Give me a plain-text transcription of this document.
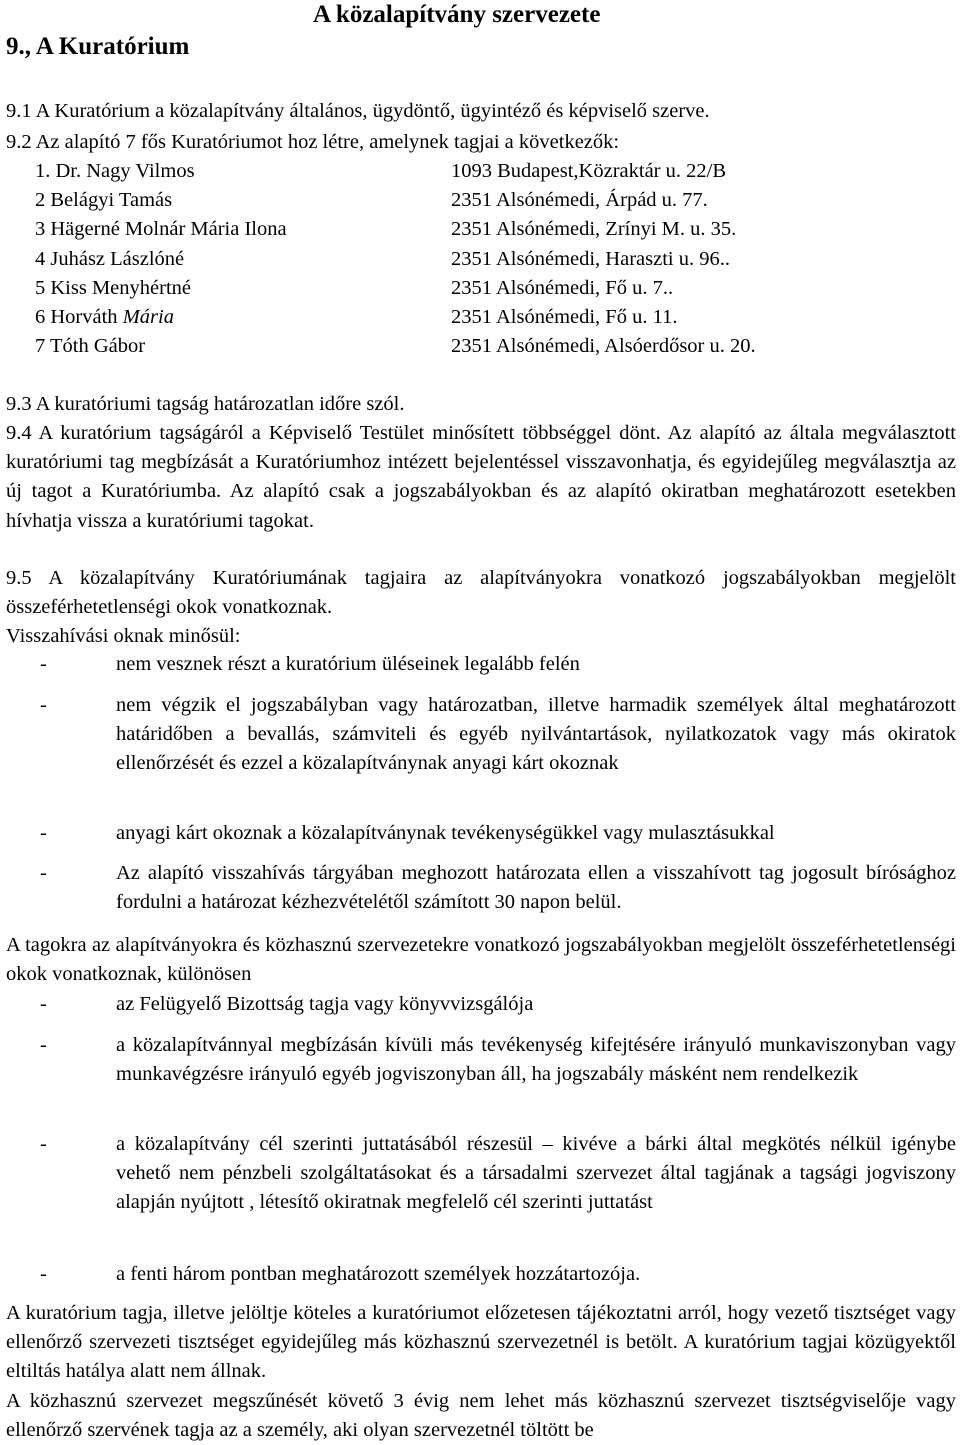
A közalapítvány szervezete
9., A Kuratórium
9.1 A Kuratórium a közalapítvány általános, ügydöntő, ügyintéző és képviselő szerve.
9.2 Az alapító 7 fős Kuratóriumot hoz létre, amelynek tagjai a következők:
1. Dr. Nagy Vilmos	1093 Budapest,Közraktár u. 22/B
2 Belágyi Tamás	2351 Alsónémedi, Árpád u. 77.
3 Hägerné Molnár Mária Ilona	2351 Alsónémedi, Zrínyi M. u. 35.
4 Juhász Lászlóné	2351 Alsónémedi, Haraszti u. 96..
5 Kiss Menyhértné	2351 Alsónémedi, Fő u. 7..
6 Horváth Mária	2351 Alsónémedi, Fő u. 11.
7 Tóth Gábor	2351 Alsónémedi, Alsóerdősor u. 20.
9.3 A kuratóriumi tagság határozatlan időre szól.
9.4 A kuratórium tagságáról a Képviselő Testület minősített többséggel dönt. Az alapító az általa megválasztott kuratóriumi tag megbízását a Kuratóriumhoz intézett bejelentéssel visszavonhatja, és egyidejűleg megválasztja az új tagot a Kuratóriumba. Az alapító csak a jogszabályokban és az alapító okiratban meghatározott esetekben hívhatja vissza a kuratóriumi tagokat.
9.5 A közalapítvány Kuratóriumának tagjaira az alapítványokra vonatkozó jogszabályokban megjelölt összeférhetetlenségi okok vonatkoznak.
Visszahívási oknak minősül:
-	nem vesznek részt a kuratórium üléseinek legalább felén
-	nem végzik el jogszabályban vagy határozatban, illetve harmadik személyek által meghatározott határidőben a bevallás, számviteli és egyéb nyilvántartások, nyilatkozatok vagy más okiratok ellenőrzését és ezzel a közalapítványnak anyagi kárt okoznak
-	anyagi kárt okoznak a közalapítványnak tevékenységükkel vagy mulasztásukkal
-	Az alapító visszahívás tárgyában meghozott határozata ellen a visszahívott tag jogosult bírósághoz fordulni a határozat kézhezvételétől számított 30 napon belül.
A tagokra az alapítványokra és közhasznú szervezetekre vonatkozó jogszabályokban megjelölt összeférhetetlenségi okok vonatkoznak, különösen
-	az Felügyelő Bizottság tagja vagy könyvvizsgálója
-	a közalapítvánnyal megbízásán kívüli más tevékenység kifejtésére irányuló munkaviszonyban vagy munkavégzésre irányuló egyéb jogviszonyban áll, ha jogszabály másként nem rendelkezik
-	a közalapítvány cél szerinti juttatásából részesül – kivéve a bárki által megkötés nélkül igénybe vehető nem pénzbeli szolgáltatásokat és a társadalmi szervezet által tagjának a tagsági jogviszony alapján nyújtott , létesítő okiratnak megfelelő cél szerinti juttatást
-	a fenti három pontban meghatározott személyek hozzátartozója.
A kuratórium tagja, illetve jelöltje köteles a kuratóriumot előzetesen tájékoztatni arról, hogy vezető tisztséget vagy ellenőrző szervezeti tisztséget egyidejűleg más közhasznú szervezetnél is betölt. A kuratórium tagjai közügyektől eltiltás hatálya alatt nem állnak.
A közhasznú szervezet megszűnését követő 3 évig nem lehet más közhasznú szervezet tisztségviselője vagy ellenőrző szervének tagja az a személy, aki olyan szervezetnél töltött be
